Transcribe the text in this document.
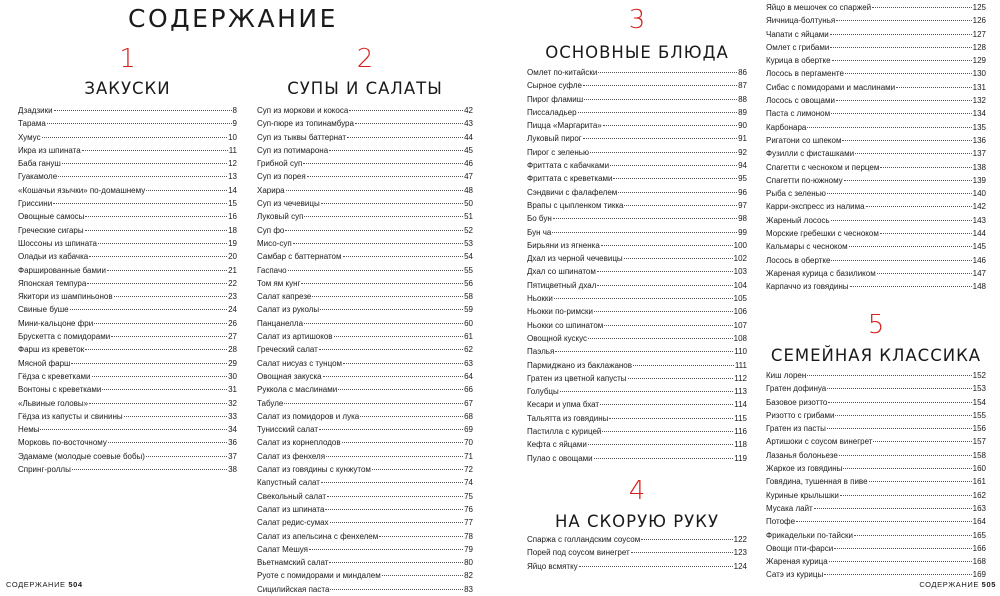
СОДЕРЖАНИЕ
1
ЗАКУСКИ
Дзадзики	8
Тарама	9
Хумус	10
Икра из шпината	11
Баба гануш	12
Гуакамоле	13
«Кошачьи язычки» по-домашнему	14
Гриссини	15
Овощные самосы	16
Греческие сигары	18
Шоссоны из шпината	19
Оладьи из кабачка	20
Фаршированные бамии	21
Японская темпура	22
Якитори из шампиньонов	23
Свиные буше	24
Мини-кальцоне фри	26
Брускетта с помидорами	27
Фарш из креветок	28
Мясной фарш	29
Гёдза с креветками	30
Вонтоны с креветками	31
«Львиные головы»	32
Гёдза из капусты и свинины	33
Немы	34
Морковь по-восточному	36
Эдамаме (молодые соевые бобы)	37
Спринг-роллы	38
2
СУПЫ И САЛАТЫ
Суп из моркови и кокоса	42
Суп-пюре из топинамбура	43
Суп из тыквы баттернат	44
Суп из потимарона	45
Грибной суп	46
Суп из порея	47
Харира	48
Суп из чечевицы	50
Луковый суп	51
Суп фо	52
Мисо-суп	53
Самбар с баттернатом	54
Гаспачо	55
Том ям кунг	56
Салат капрезе	58
Салат из руколы	59
Панцанелла	60
Салат из артишоков	61
Греческий салат	62
Салат нисуаз с тунцом	63
Овощная закуска	64
Руккола с маслинами	66
Табуле	67
Салат из помидоров и лука	68
Тунисский салат	69
Салат из корнеплодов	70
Салат из фенхеля	71
Салат из говядины с кунжутом	72
Капустный салат	74
Свекольный салат	75
Салат из шпината	76
Салат редис-сумах	77
Салат из апельсина с фенхелем	78
Салат Мешуя	79
Вьетнамский салат	80
Руоте с помидорами и миндалем	82
Сицилийская паста	83
3
ОСНОВНЫЕ БЛЮДА
Омлет по-китайски	86
Сырное суфле	87
Пирог фламиш	88
Писсаладьер	89
Пицца «Маргарита»	90
Луковый пирог	91
Пирог с зеленью	92
Фриттата с кабачками	94
Фриттата с креветками	95
Сэндвичи с фалафелем	96
Врапы с цыпленком тикка	97
Бо бун	98
Бун ча	99
Бирьяни из ягненка	100
Дхал из черной чечевицы	102
Дхал со шпинатом	103
Пятицветный дхал	104
Ньокки	105
Ньокки по-римски	106
Ньокки со шпинатом	107
Овощной кускус	108
Паэлья	110
Пармиджано из баклажанов	111
Гратен из цветной капусты	112
Голубцы	113
Кесари и упма бхат	114
Тальятта из говядины	115
Пастилла с курицей	116
Кефта с яйцами	118
Пулао с овощами	119
4
НА СКОРУЮ РУКУ
Спаржа с голландским соусом	122
Порей под соусом винегрет	123
Яйцо всмятку	124
Яйцо в мешочек со спаржей	125
Яичница-болтунья	126
Чапати с яйцами	127
Омлет с грибами	128
Курица в обертке	129
Лосось в пергаменте	130
Сибас с помидорами и маслинами	131
Лосось с овощами	132
Паста с лимоном	134
Карбонара	135
Ригатони со шпеком	136
Фузилли с фисташками	137
Спагетти с чесноком и перцем	138
Спагетти по-южному	139
Рыба с зеленью	140
Карри-экспресс из налима	142
Жареный лосось	143
Морские гребешки с чесноком	144
Кальмары с чесноком	145
Лосось в обертке	146
Жареная курица с базиликом	147
Карпаччо из говядины	148
5
СЕМЕЙНАЯ КЛАССИКА
Киш лорен	152
Гратен дофинуа	153
Базовое ризотто	154
Ризотто с грибами	155
Гратен из пасты	156
Артишоки с соусом винегрет	157
Лазанья болоньезе	158
Жаркое из говядины	160
Говядина, тушенная в пиве	161
Куриные крылышки	162
Мусака лайт	163
Потофе	164
Фрикадельки по-тайски	165
Овощи пти-фарси	166
Жареная курица	168
Сатэ из курицы	169
СОДЕРЖАНИЕ 504	СОДЕРЖАНИЕ 505
